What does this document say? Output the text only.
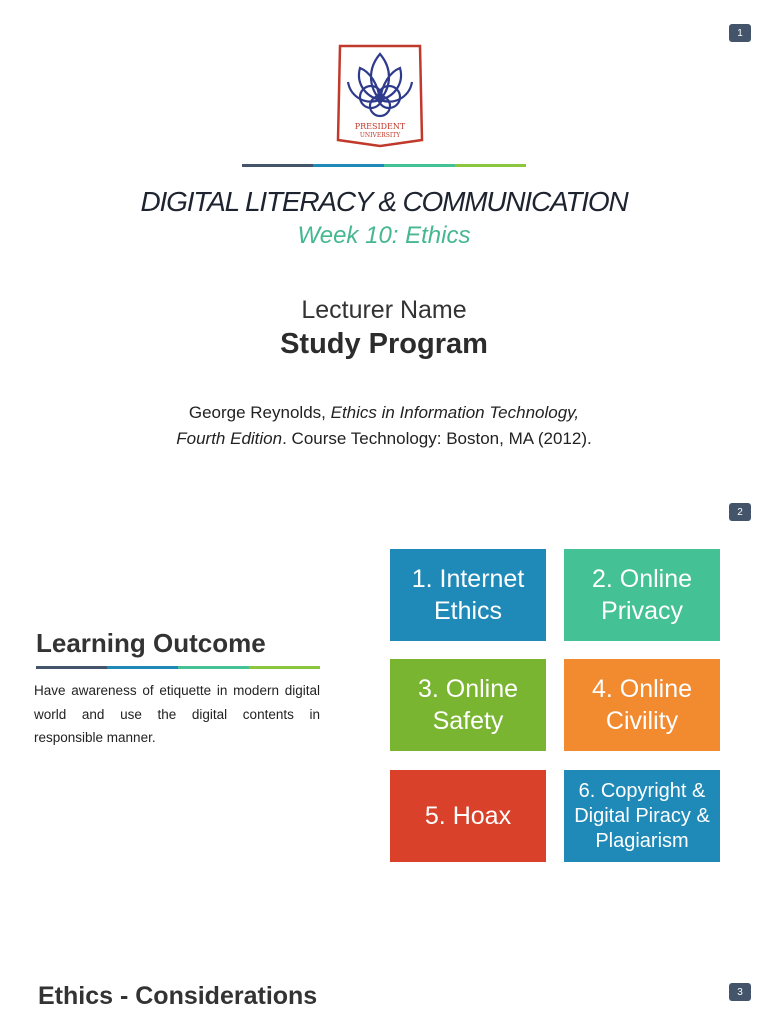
1
PRESIDENT
UNIVERSITY
DIGITAL LITERACY & COMMUNICATION
Week 10: Ethics
Lecturer Name
Study Program
George Reynolds, Ethics in Information Technology, Fourth Edition. Course Technology: Boston, MA (2012).
2
Learning Outcome
Have awareness of etiquette in modern digital world and use the digital contents in responsible manner.
1. Internet Ethics
2. Online Privacy
3. Online Safety
4. Online Civility
5. Hoax
6. Copyright & Digital Piracy & Plagiarism
3
Ethics - Considerations
